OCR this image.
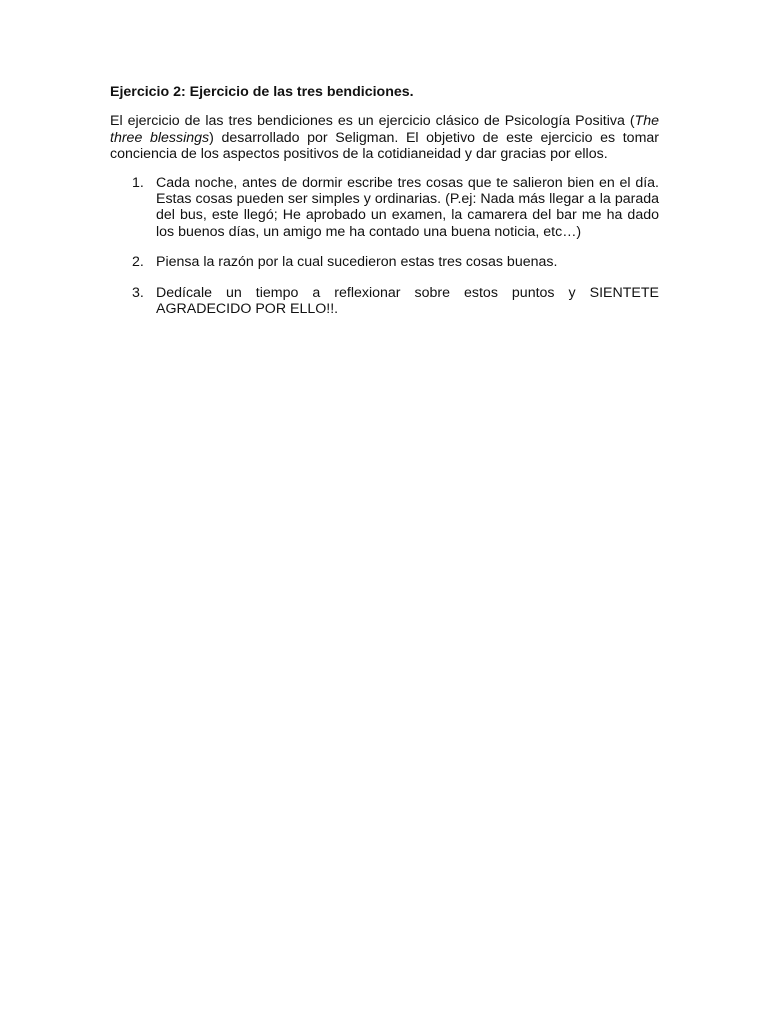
Ejercicio 2: Ejercicio de las tres bendiciones.

El ejercicio de las tres bendiciones es un ejercicio clásico de Psicología Positiva (The three blessings) desarrollado por Seligman. El objetivo de este ejercicio es tomar conciencia de los aspectos positivos de la cotidianeidad y dar gracias por ellos.

1. Cada noche, antes de dormir escribe tres cosas que te salieron bien en el día. Estas cosas pueden ser simples y ordinarias. (P.ej: Nada más llegar a la parada del bus, este llegó; He aprobado un examen, la camarera del bar me ha dado los buenos días, un amigo me ha contado una buena noticia, etc…)
2. Piensa la razón por la cual sucedieron estas tres cosas buenas.
3. Dedícale un tiempo a reflexionar sobre estos puntos y SIENTETE AGRADECIDO POR ELLO!!.
